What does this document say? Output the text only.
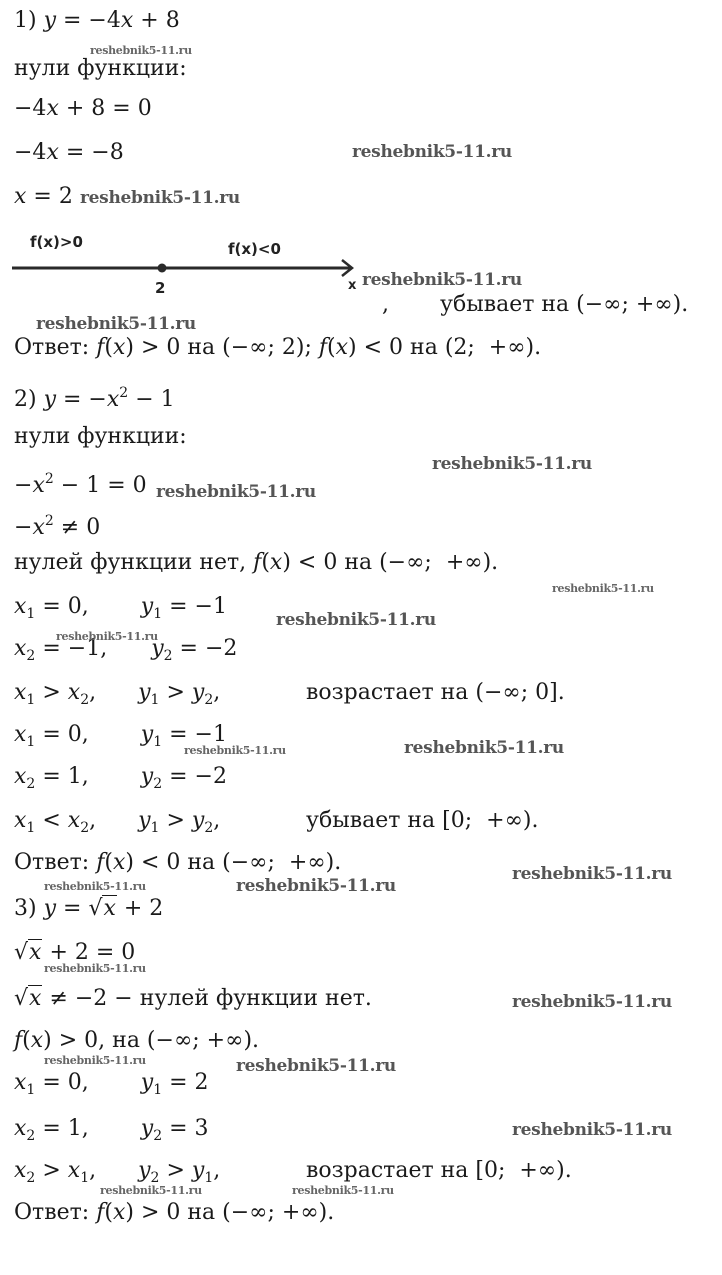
1) y = −4x + 8
нули функции:
−4x + 8 = 0
−4x = −8
x = 2
f(x)>0	f(x)<0
2	x
, убывает на (−∞; +∞).
Ответ: f(x) > 0 на (−∞; 2); f(x) < 0 на (2;  +∞).
2) $y = -x^2 - 1$
нули функции:
$-x^2 - 1 = 0$
$-x^2 \ne 0$
нулей функции нет, f(x) < 0 на (−∞;  +∞).
$x_1 = 0$, $y_1 = -1$
$x_2 = -1$, $y_2 = -2$
$x_1 > x_2$, $y_1 > y_2$,	возрастает на (−∞; 0].
$x_1 = 0$, $y_1 = -1$
$x_2 = 1$, $y_2 = -2$
$x_1 < x_2$, $y_1 > y_2$,	убывает на [0;  +∞).
Ответ: f(x) < 0 на (−∞;  +∞).
3) y = √x + 2
√x + 2 = 0
√x ≠ −2 − нулей функции нет.
f(x) > 0, на (−∞; +∞).
$x_1 = 0$, $y_1 = 2$
$x_2 = 1$, $y_2 = 3$
$x_2 > x_1$, $y_2 > y_1$,	возрастает на [0;  +∞).
Ответ: f(x) > 0 на (−∞; +∞).
reshebnik5-11.ru
reshebnik5-11.ru
reshebnik5-11.ru
reshebnik5-11.ru
reshebnik5-11.ru
reshebnik5-11.ru
reshebnik5-11.ru
reshebnik5-11.ru
reshebnik5-11.ru
reshebnik5-11.ru
reshebnik5-11.ru	reshebnik5-11.ru
reshebnik5-11.ru	reshebnik5-11.ru
reshebnik5-11.ru
reshebnik5-11.ru
reshebnik5-11.ru
reshebnik5-11.ru	reshebnik5-11.ru
reshebnik5-11.ru
reshebnik5-11.ru	reshebnik5-11.ru
